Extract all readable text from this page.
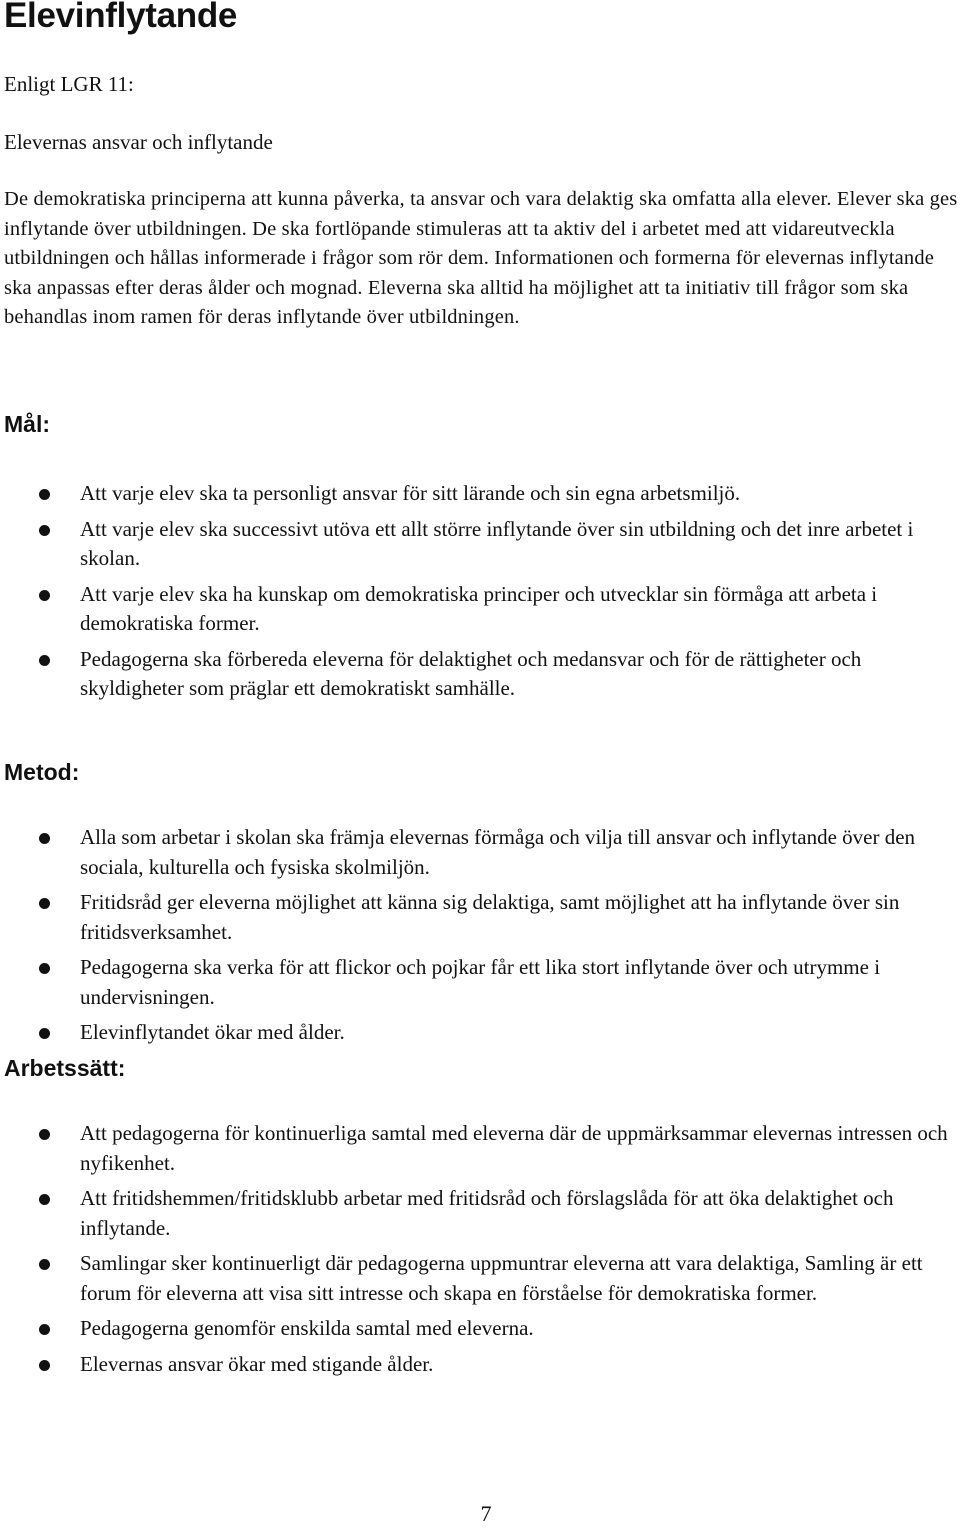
Elevinflytande

Enligt LGR 11:

Elevernas ansvar och inflytande

De demokratiska principerna att kunna påverka, ta ansvar och vara delaktig ska omfatta alla elever. Elever ska ges inflytande över utbildningen. De ska fortlöpande stimuleras att ta aktiv del i arbetet med att vidareutveckla utbildningen och hållas informerade i frågor som rör dem. Informationen och formerna för elevernas inflytande ska anpassas efter deras ålder och mognad. Eleverna ska alltid ha möjlighet att ta initiativ till frågor som ska behandlas inom ramen för deras inflytande över utbildningen.

Mål:
Att varje elev ska ta personligt ansvar för sitt lärande och sin egna arbetsmiljö.
Att varje elev ska successivt utöva ett allt större inflytande över sin utbildning och det inre arbetet i skolan.
Att varje elev ska ha kunskap om demokratiska principer och utvecklar sin förmåga att arbeta i demokratiska former.
Pedagogerna ska förbereda eleverna för delaktighet och medansvar och för de rättigheter och skyldigheter som präglar ett demokratiskt samhälle.
Metod:
Alla som arbetar i skolan ska främja elevernas förmåga och vilja till ansvar och inflytande över den sociala, kulturella och fysiska skolmiljön.
Fritidsråd ger eleverna möjlighet att känna sig delaktiga, samt möjlighet att ha inflytande över sin fritidsverksamhet.
Pedagogerna ska verka för att flickor och pojkar får ett lika stort inflytande över och utrymme i undervisningen.
Elevinflytandet ökar med ålder.
Arbetssätt:
Att pedagogerna för kontinuerliga samtal med eleverna där de uppmärksammar elevernas intressen och nyfikenhet.
Att fritidshemmen/fritidsklubb arbetar med fritidsråd och förslagslåda för att öka delaktighet och inflytande.
Samlingar sker kontinuerligt där pedagogerna uppmuntrar eleverna att vara delaktiga, Samling är ett forum för eleverna att visa sitt intresse och skapa en förståelse för demokratiska former.
Pedagogerna genomför enskilda samtal med eleverna.
Elevernas ansvar ökar med stigande ålder.

7
